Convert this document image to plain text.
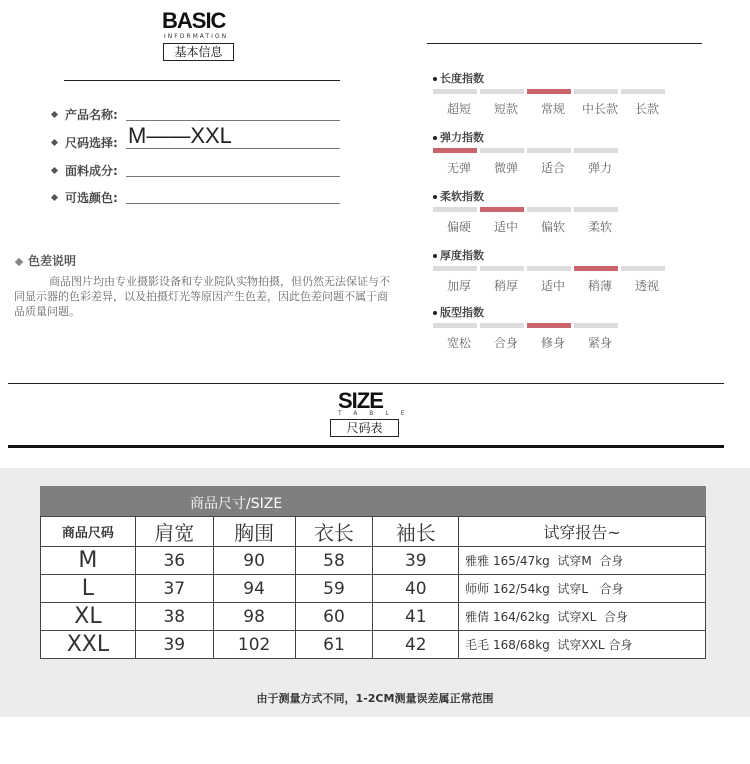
BASIC
INFORMATION
基本信息
产品名称:
尺码选择: M——XXL
面料成分:
可选颜色:
色差说明
商品图片均由专业摄影设备和专业院队实物拍摄，但仍然无法保证与不同显示器的色彩差异，以及拍摄灯光等原因产生色差，因此色差问题不属于商品质量问题。
长度指数
超短	短款	常规	中长款	长款
弹力指数
无弹	微弹	适合	弹力
柔软指数
偏硬	适中	偏软	柔软
厚度指数
加厚	稍厚	适中	稍薄	透视
版型指数
宽松	合身	修身	紧身
SIZE
TABLE
尺码表
商品尺寸/SIZE
商品尺码	肩宽	胸围	衣长	袖长	试穿报告~
M	36	90	58	39	雅雅 165/47kg  试穿M  合身
L	37	94	59	40	师师 162/54kg  试穿L   合身
XL	38	98	60	41	雅倩 164/62kg  试穿XL  合身
XXL	39	102	61	42	毛毛 168/68kg  试穿XXL 合身
由于测量方式不同，1-2CM测量误差属正常范围
